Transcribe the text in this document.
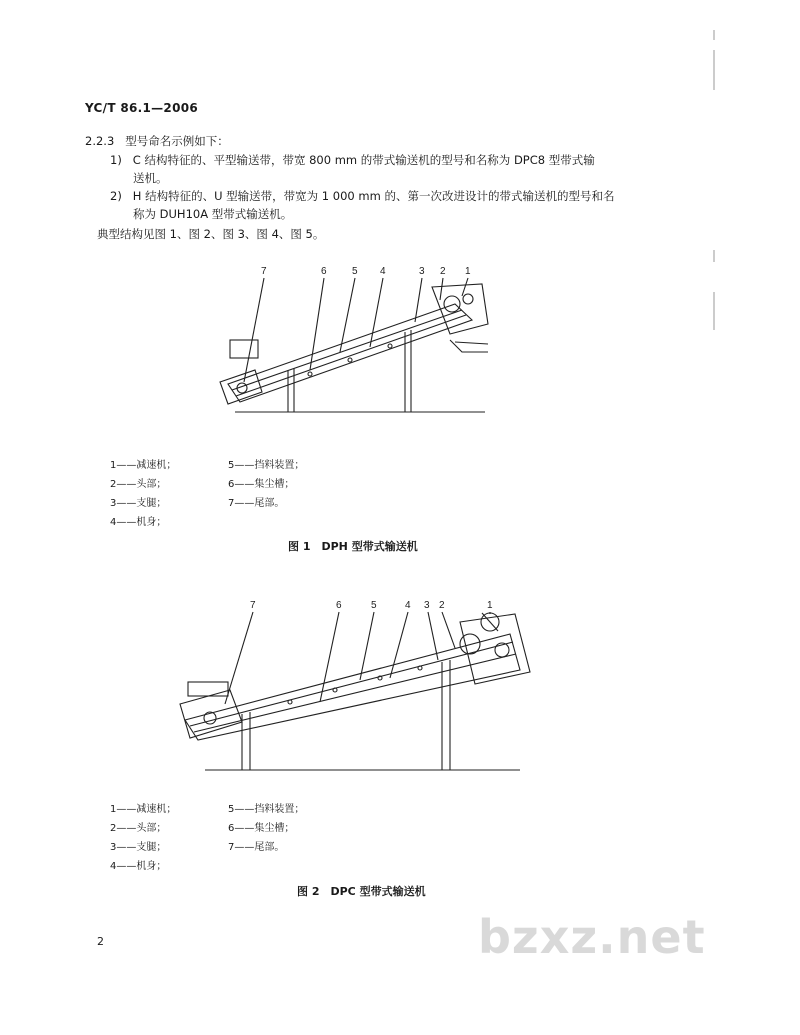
YC/T 86.1—2006
2.2.3 型号命名示例如下：
1) C 结构特征的、平型输送带，带宽 800 mm 的带式输送机的型号和名称为 DPC8 型带式输
送机。
2) H 结构特征的、U 型输送带，带宽为 1 000 mm 的、第一次改进设计的带式输送机的型号和名
称为 DUH10A 型带式输送机。
典型结构见图 1、图 2、图 3、图 4、图 5。
7	6	5 4	3 2 1
1——减速机；
2——头部；
3——支腿；
4——机身；
5——挡料装置；
6——集尘槽；
7——尾部。
图 1　DPH 型带式输送机
7	6	5	4 3 2	1
1——减速机；
2——头部；
3——支腿；
4——机身；
5——挡料装置；
6——集尘槽；
7——尾部。
图 2　DPC 型带式输送机
2	bzxz.net
